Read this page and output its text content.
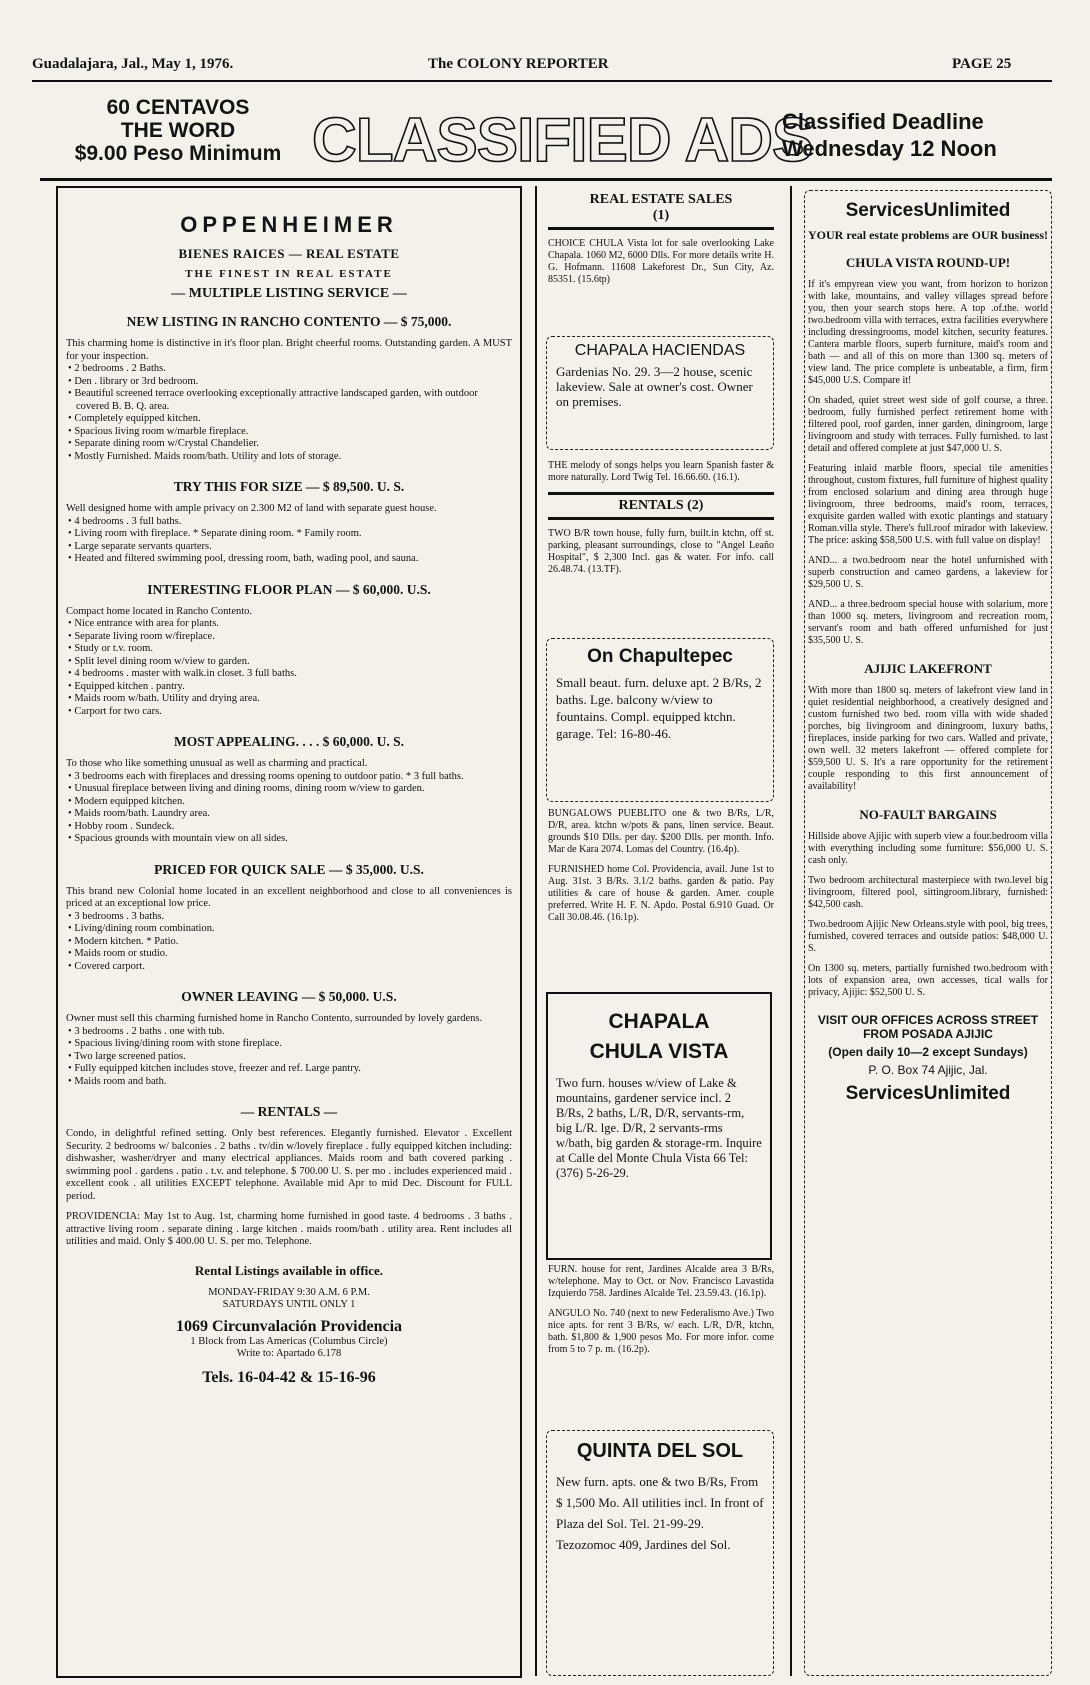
Guadalajara, Jal., May 1, 1976.	The COLONY REPORTER	PAGE 25
60 CENTAVOS
THE WORD
$9.00 Peso Minimum CLASSIFIED ADS
Classified Deadline
Wednesday 12 Noon
OPPENHEIMER
BIENES RAICES — REAL ESTATE
THE FINEST IN REAL ESTATE
— MULTIPLE LISTING SERVICE —
NEW LISTING IN RANCHO CONTENTO — $ 75,000.

This charming home is distinctive in it's floor plan. Bright cheerful rooms. Outstanding garden. A MUST for your inspection.

• 2 bedrooms . 2 Baths.

• Den . library or 3rd bedroom.

• Beautiful screened terrace overlooking exceptionally attractive landscaped garden, with outdoor covered B. B. Q. area.

• Completely equipped kitchen.

• Spacious living room w/marble fireplace.

• Separate dining room w/Crystal Chandelier.

• Mostly Furnished. Maids room/bath. Utility and lots of storage.

TRY THIS FOR SIZE — $ 89,500. U. S.

Well designed home with ample privacy on 2.300 M2 of land with separate guest house.

• 4 bedrooms . 3 full baths.

• Living room with fireplace. * Separate dining room. * Family room.

• Large separate servants quarters.

• Heated and filtered swimming pool, dressing room, bath, wading pool, and sauna.

INTERESTING FLOOR PLAN — $ 60,000. U.S.

Compact home located in Rancho Contento.

• Nice entrance with area for plants.

• Separate living room w/fireplace.

• Study or t.v. room.

• Split level dining room w/view to garden.

• 4 bedrooms . master with walk.in closet. 3 full baths.

• Equipped kitchen . pantry.

• Maids room w/bath. Utility and drying area.

• Carport for two cars.

MOST APPEALING. . . . $ 60,000. U. S.

To those who like something unusual as well as charming and practical.

• 3 bedrooms each with fireplaces and dressing rooms opening to outdoor patio. * 3 full baths.

• Unusual fireplace between living and dining rooms, dining room w/view to garden.

• Modern equipped kitchen.

• Maids room/bath. Laundry area.

• Hobby room . Sundeck.

• Spacious grounds with mountain view on all sides.

PRICED FOR QUICK SALE — $ 35,000. U.S.

This brand new Colonial home located in an excellent neighborhood and close to all conveniences is priced at an exceptional low price.

• 3 bedrooms . 3 baths.

• Living/dining room combination.

• Modern kitchen. * Patio.

• Maids room or studio.

• Covered carport.

OWNER LEAVING — $ 50,000. U.S.

Owner must sell this charming furnished home in Rancho Contento, surrounded by lovely gardens.

• 3 bedrooms . 2 baths . one with tub.

• Spacious living/dining room with stone fireplace.

• Two large screened patios.

• Fully equipped kitchen includes stove, freezer and ref. Large pantry.

• Maids room and bath.

— RENTALS —

Condo, in delightful refined setting. Only best references. Elegantly furnished. Elevator . Excellent Security. 2 bedrooms w/ balconies . 2 baths . tv/din w/lovely fireplace . fully equipped kitchen including: dishwasher, washer/dryer and many electrical appliances. Maids room and bath covered parking . swimming pool . gardens . patio . t.v. and telephone. $ 700.00 U. S. per mo . includes experienced maid . excellent cook . all utilities EXCEPT telephone. Available mid Apr to mid Dec. Discount for FULL period.

PROVIDENCIA: May 1st to Aug. 1st, charming home furnished in good taste. 4 bedrooms . 3 baths . attractive living room . separate dining . large kitchen . maids room/bath . utility area. Rent includes all utilities and maid. Only $ 400.00 U. S. per mo. Telephone.

Rental Listings available in office.
MONDAY-FRIDAY 9:30 A.M. 6 P.M.
SATURDAYS UNTIL ONLY 1
1069 Circunvalación Providencia
1 Block from Las Americas (Columbus Circle)
Write to: Apartado 6.178
Tels. 16-04-42 & 15-16-96
REAL ESTATE SALES
(1)

CHOICE CHULA Vista lot for sale overlooking Lake Chapala. 1060 M2, 6000 Dlls. For more details write H. G. Hofmann. 11608 Lakeforest Dr., Sun City, Az. 85351. (15.6tp)

CHAPALA HACIENDAS

Gardenias No. 29. 3—2 house, scenic lakeview. Sale at owner's cost. Owner on premises.

THE melody of songs helps you learn Spanish faster & more naturally. Lord Twig Tel. 16.66.60. (16.1).

RENTALS (2)

TWO B/R town house, fully furn, built.in ktchn, off st. parking, pleasant surroundings, close to "Angel Leaño Hospital", $ 2,300 Incl. gas & water. For info. call 26.48.74. (13.TF).

On Chapultepec

Small beaut. furn. deluxe apt. 2 B/Rs, 2 baths. Lge. balcony w/view to fountains. Compl. equipped ktchn. garage. Tel: 16-80-46.

BUNGALOWS PUEBLITO one & two B/Rs, L/R, D/R, area. ktchn w/pots & pans, linen service. Beaut. grounds $10 Dlls. per day. $200 Dlls. per month. Info. Mar de Kara 2074. Lomas del Country. (16.4p).

FURNISHED home Col. Providencia, avail. June 1st to Aug. 31st. 3 B/Rs. 3.1/2 baths. garden & patio. Pay utilities & care of house & garden. Amer. couple preferred. Write H. F. N. Apdo. Postal 6.910 Guad. Or Call 30.08.46. (16.1p).

CHAPALA
CHULA VISTA

Two furn. houses w/view of Lake & mountains, gardener service incl. 2 B/Rs, 2 baths, L/R, D/R, servants-rm, big L/R. lge. D/R, 2 servants-rms w/bath, big garden & storage-rm. Inquire at Calle del Monte Chula Vista 66 Tel: (376) 5-26-29.

FURN. house for rent, Jardines Alcalde area 3 B/Rs, w/telephone. May to Oct. or Nov. Francisco Lavastida Izquierdo 758. Jardines Alcalde Tel. 23.59.43. (16.1p).

ANGULO No. 740 (next to new Federalismo Ave.) Two nice apts. for rent 3 B/Rs, w/ each. L/R, D/R, ktchn, bath. $1,800 & 1,900 pesos Mo. For more infor. come from 5 to 7 p. m. (16.2p).

QUINTA DEL SOL

New furn. apts. one & two B/Rs, From $ 1,500 Mo. All utilities incl. In front of Plaza del Sol. Tel. 21-99-29. Tezozomoc 409, Jardines del Sol.

ServicesUnlimited
YOUR real estate problems are OUR business!
CHULA VISTA ROUND-UP!

If it's empyrean view you want, from horizon to horizon with lake, mountains, and valley villages spread before you, then your search stops here. A top .of.the. world two.bedroom villa with terraces, extra facilities everywhere including dressingrooms, model kitchen, security features. Cantera marble floors, superb furniture, maid's room and bath — and all of this on more than 1300 sq. meters of view land. The price complete is unbeatable, a firm, firm $45,000 U.S. Compare it!

On shaded, quiet street west side of golf course, a three. bedroom, fully furnished perfect retirement home with filtered pool, roof garden, inner garden, diningroom, large livingroom and study with terraces. Fully furnished. to last detail and offered complete at just $47,000 U. S.

Featuring inlaid marble floors, special tile amenities throughout, custom fixtures, full furniture of highest quality from enclosed solarium and dining area through huge livingroom, three bedrooms, maid's room, terraces, exquisite garden walled with exotic plantings and statuary Roman.villa style. There's full.roof mirador with lakeview. The price: asking $58,500 U.S. with full value on display!

AND... a two.bedroom near the hotel unfurnished with superb construction and cameo gardens, a lakeview for $29,500 U. S.

AND... a three.bedroom special house with solarium, more than 1000 sq. meters, livingroom and recreation room, servant's room and bath offered unfurnished for just $35,500 U. S.

AJIJIC LAKEFRONT

With more than 1800 sq. meters of lakefront view land in quiet residential neighborhood, a creatively designed and custom furnished two bed. room villa with wide shaded porches, big livingroom and diningroom, luxury baths, fireplaces, inside parking for two cars. Walled and private, own well. 32 meters lakefront — offered complete for $59,500 U. S. It's a rare opportunity for the retirement couple responding to this first announcement of availability!

NO-FAULT BARGAINS

Hillside above Ajijic with superb view a four.bedroom villa with everything including some furniture: $56,000 U. S. cash only.

Two bedroom architectural masterpiece with two.level big livingroom, filtered pool, sittingroom.library, furnished: $42,500 cash.

Two.bedroom Ajijic New Orleans.style with pool, big trees, furnished, covered terraces and outside patios: $48,000 U. S.

On 1300 sq. meters, partially furnished two.bedroom with lots of expansion area, own accesses, tical walls for privacy, Ajijic: $52,500 U. S.

VISIT OUR OFFICES ACROSS STREET FROM POSADA AJIJIC
(Open daily 10—2 except Sundays)
P. O. Box 74 Ajijic, Jal.
ServicesUnlimited
